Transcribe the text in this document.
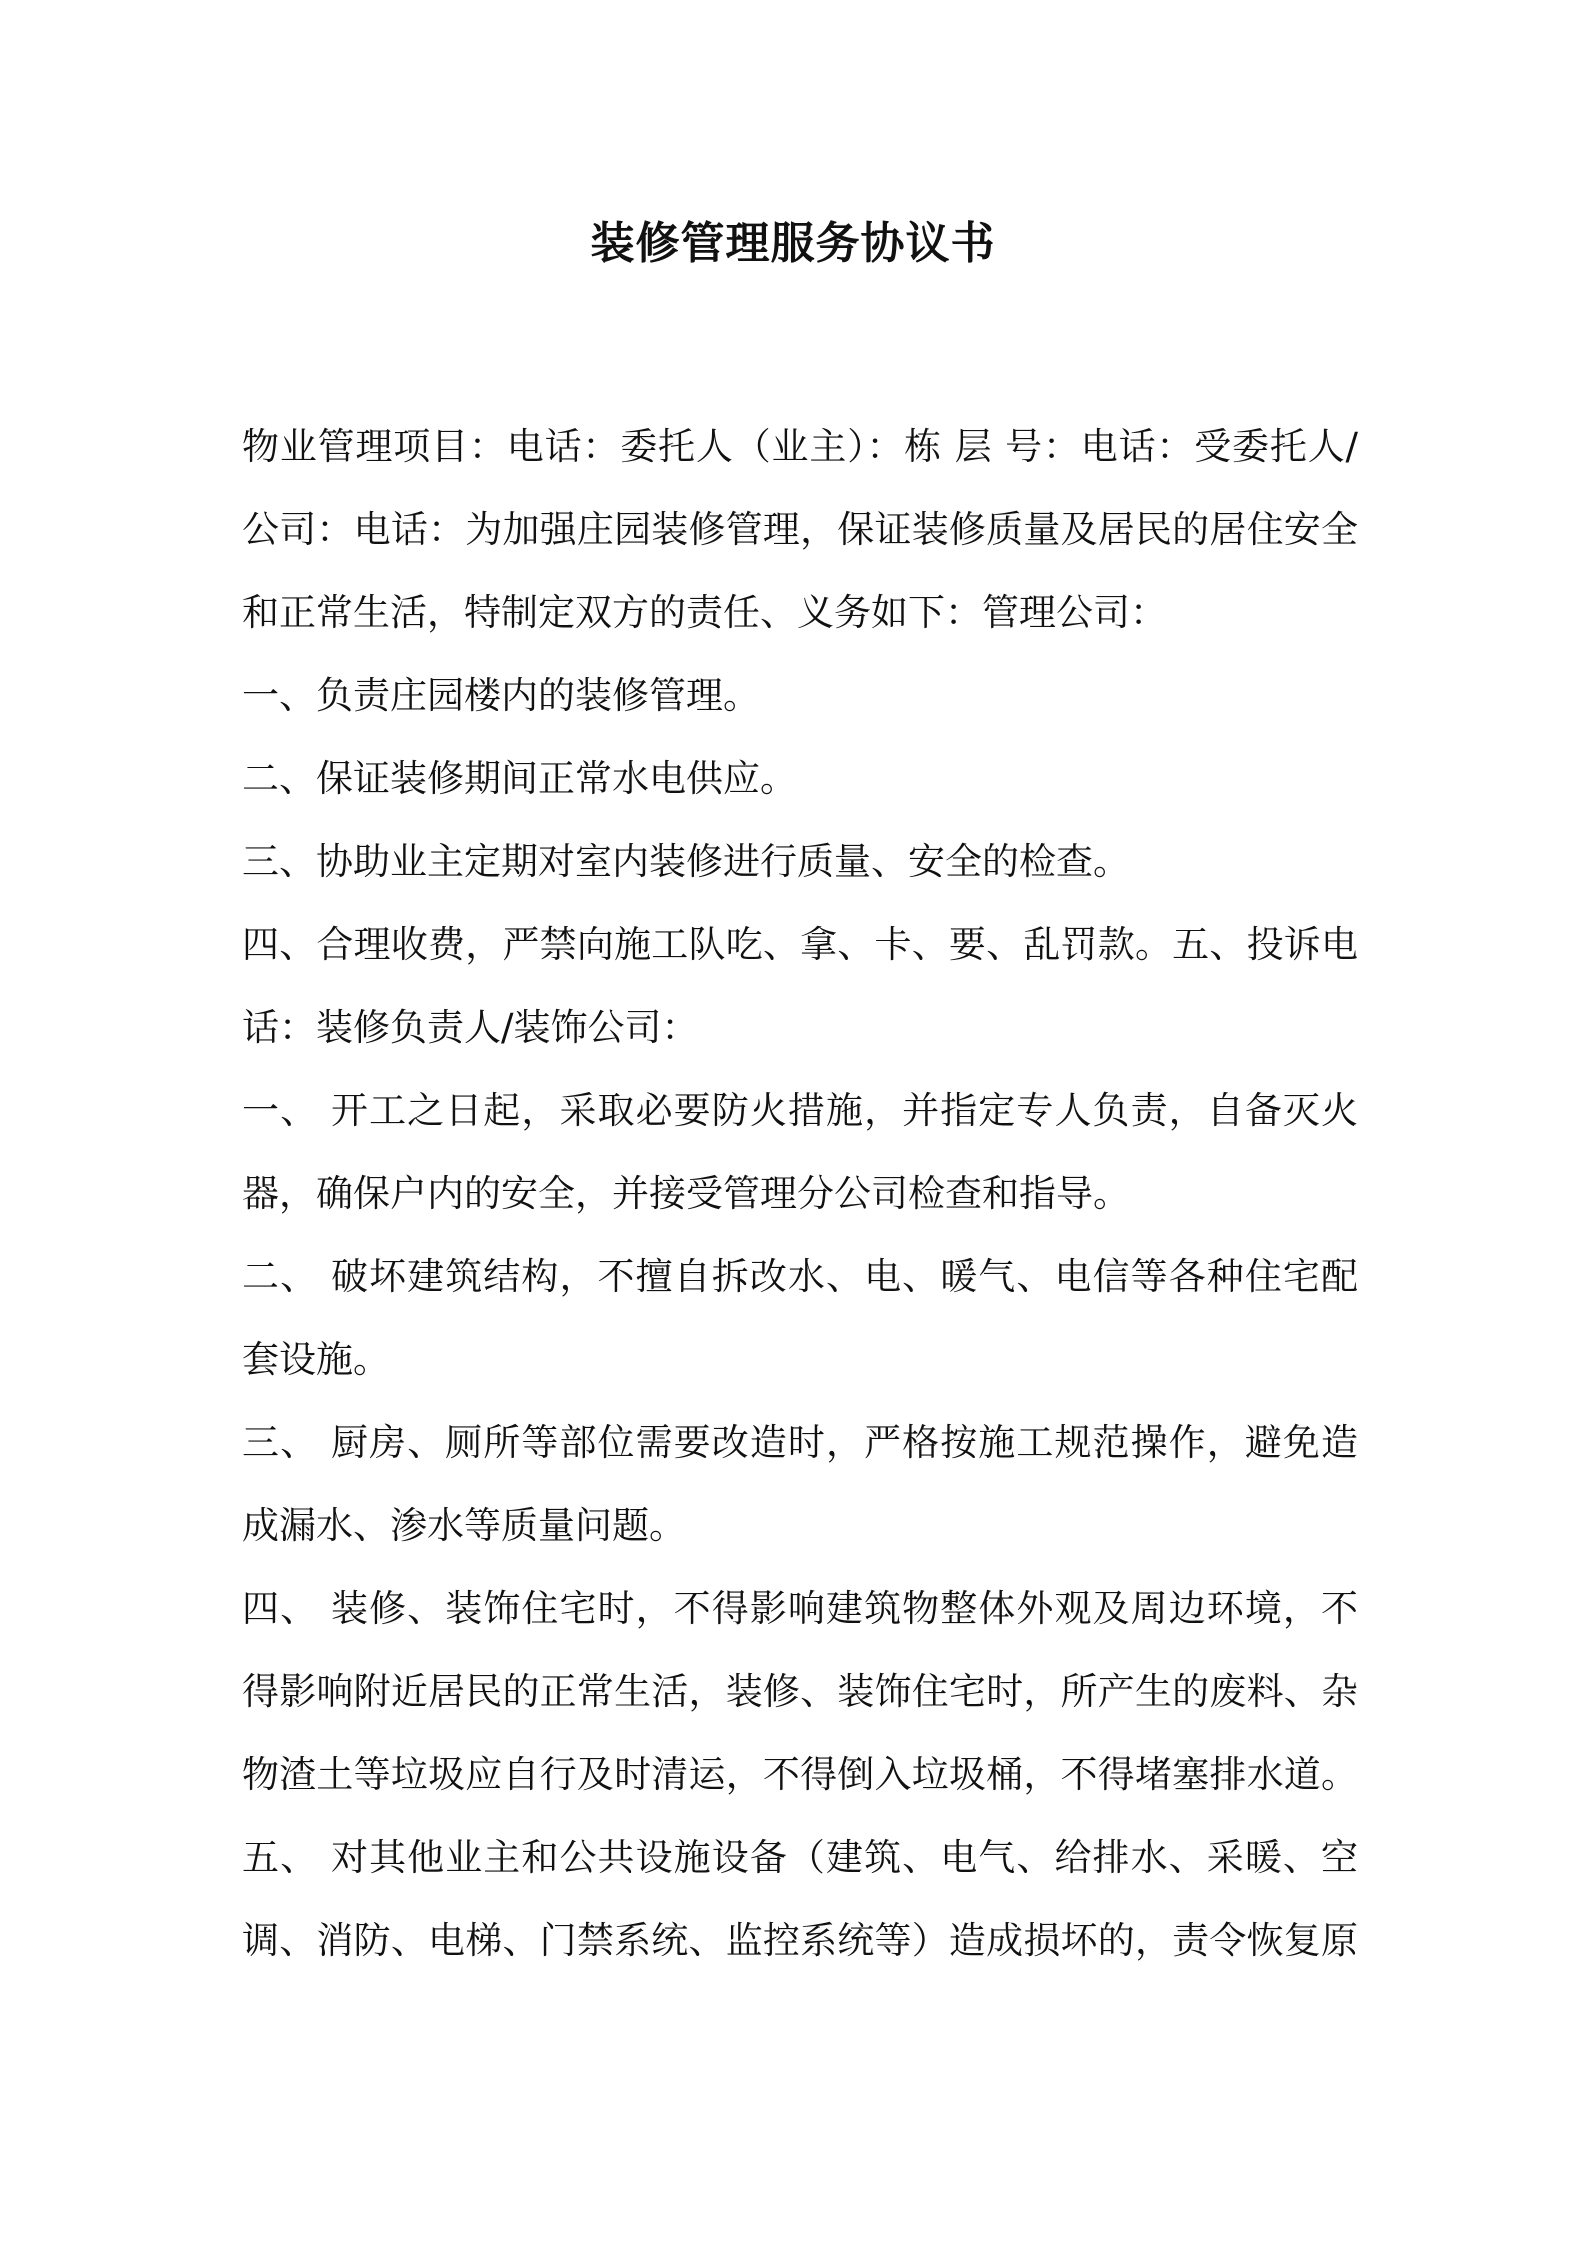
装修管理服务协议书
物业管理项目：电话：委托人（业主）：栋 层 号：电话：受委托人/
公司：电话：为加强庄园装修管理，保证装修质量及居民的居住安全
和正常生活，特制定双方的责任、义务如下：管理公司：
一、负责庄园楼内的装修管理。
二、保证装修期间正常水电供应。
三、协助业主定期对室内装修进行质量、安全的检查。
四、合理收费，严禁向施工队吃、拿、卡、要、乱罚款。五、投诉电
话：装修负责人/装饰公司：
一、 开工之日起，采取必要防火措施，并指定专人负责，自备灭火
器，确保户内的安全，并接受管理分公司检查和指导。
二、 破坏建筑结构，不擅自拆改水、电、暖气、电信等各种住宅配
套设施。
三、 厨房、厕所等部位需要改造时，严格按施工规范操作，避免造
成漏水、渗水等质量问题。
四、 装修、装饰住宅时，不得影响建筑物整体外观及周边环境，不
得影响附近居民的正常生活，装修、装饰住宅时，所产生的废料、杂
物渣土等垃圾应自行及时清运，不得倒入垃圾桶，不得堵塞排水道。
五、 对其他业主和公共设施设备（建筑、电气、给排水、采暖、空
调、消防、电梯、门禁系统、监控系统等）造成损坏的，责令恢复原
